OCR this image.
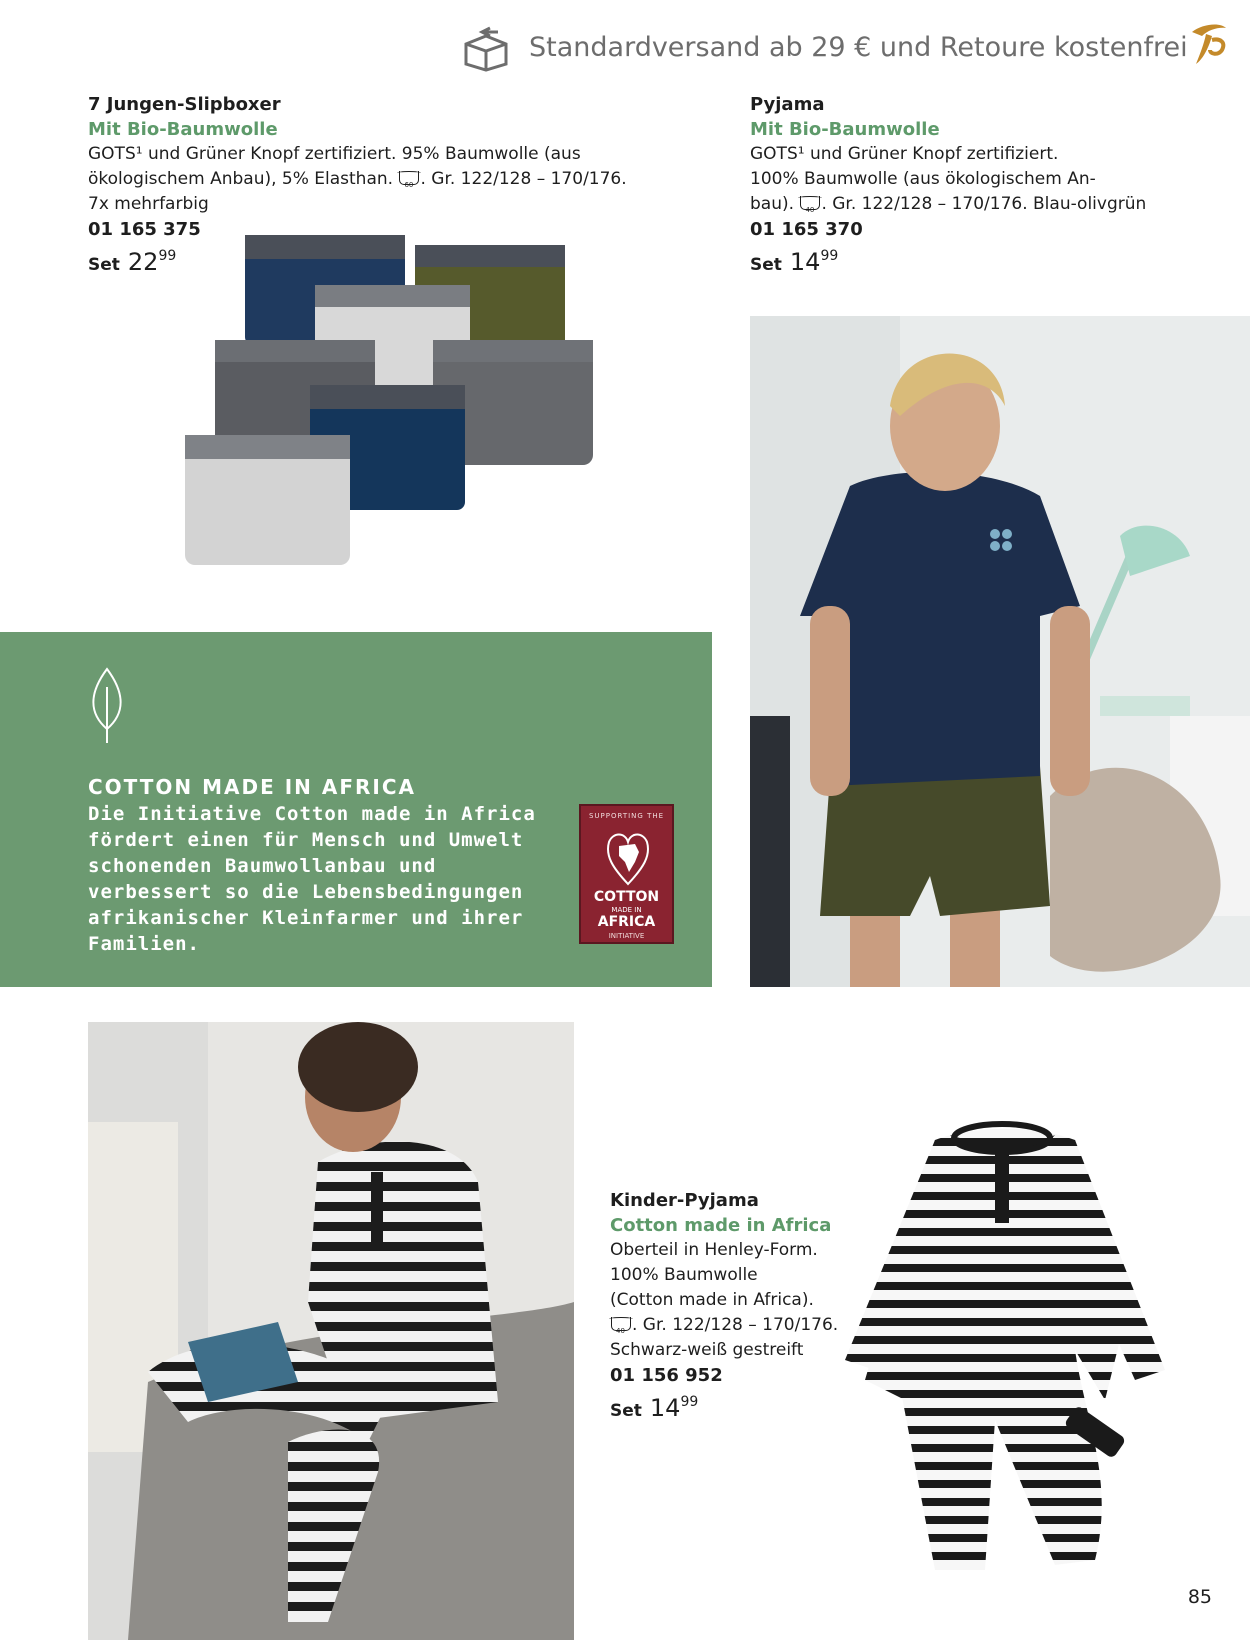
Standardversand ab 29 € und Retoure kostenfrei
7 Jungen-Slipboxer
Mit Bio-Baumwolle
GOTS¹ und Grüner Knopf zertifiziert. 95% Baumwolle (aus
ökologischem Anbau), 5% Elasthan. 60 . Gr. 122/128 – 170/176.
7x mehrfarbig
01 165 375
Set 22 99
Pyjama
Mit Bio-Baumwolle
GOTS¹ und Grüner Knopf zertifiziert.
100% Baumwolle (aus ökologischem An-
bau). 40 . Gr. 122/128 – 170/176. Blau-olivgrün
01 165 370
Set 14 99
COTTON MADE IN AFRICA
Die Initiative Cotton made in Africa fördert einen für Mensch und Umwelt schonenden Baumwollanbau und verbessert so die Lebensbedingungen afrikanischer Kleinfarmer und ihrer Familien.
SUPPORTING THE
COTTON
MADE IN
AFRICA
INITIATIVE
Kinder-Pyjama
Cotton made in Africa
Oberteil in Henley-Form.
100% Baumwolle
(Cotton made in Africa).
40 . Gr. 122/128 – 170/176.
Schwarz-weiß gestreift
01 156 952
Set 14 99
85
